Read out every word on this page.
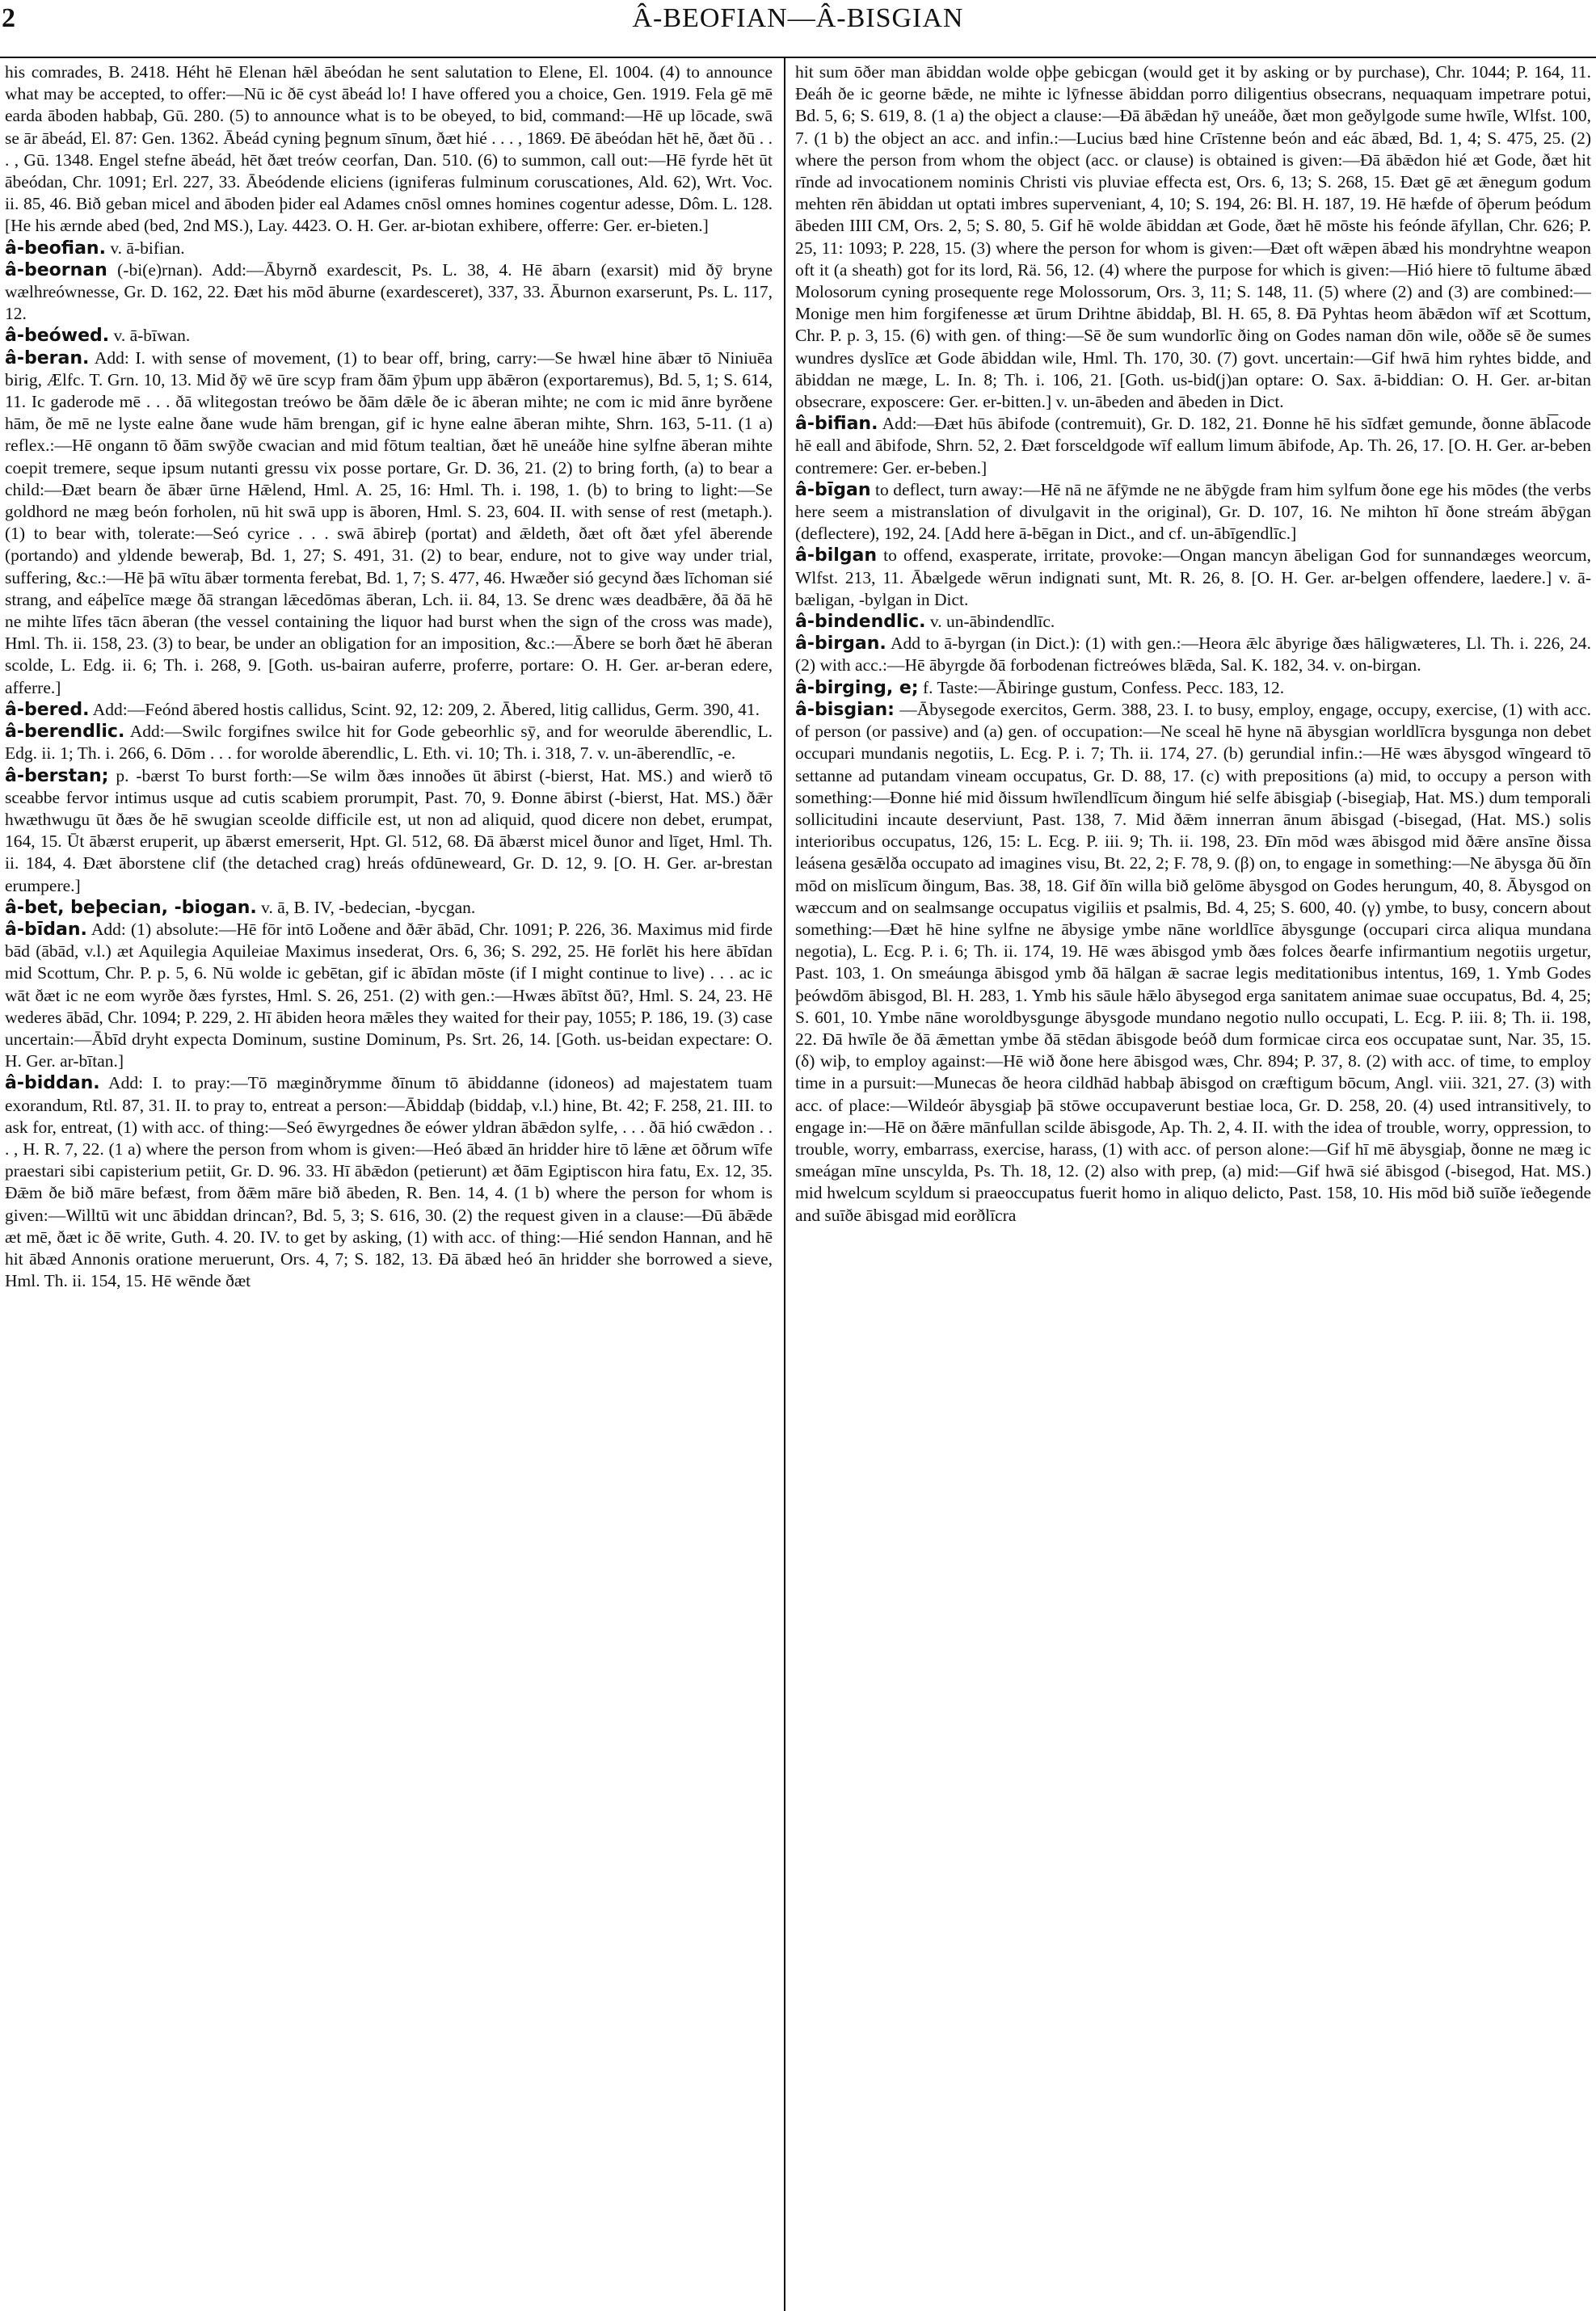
2	Â-BEOFIAN—Â-BISGIAN

his comrades, B. 2418. Héht hē Elenan hǣl ābeódan he sent salutation to Elene, El. 1004. (4) to announce what may be accepted, to offer:—Nū ic ðē cyst ābeád lo! I have offered you a choice, Gen. 1919. Fela gē mē earda āboden habbaþ, Gū. 280. (5) to announce what is to be obeyed, to bid, command:—Hē up lōcade, swā se ār ābeád, El. 87: Gen. 1362. Ābeád cyning þegnum sīnum, ðæt hié . . . , 1869. Ðē ābeódan hēt hē, ðæt ðū . . . , Gū. 1348. Engel stefne ābeád, hēt ðæt treów ceorfan, Dan. 510. (6) to summon, call out:—Hē fyrde hēt ūt ābeódan, Chr. 1091; Erl. 227, 33. Ābeódende eliciens (igniferas fulminum coruscationes, Ald. 62), Wrt. Voc. ii. 85, 46. Bið geban micel and āboden þider eal Adames cnōsl omnes homines cogentur adesse, Dôm. L. 128. [He his ærnde abed (bed, 2nd MS.), Lay. 4423. O. H. Ger. ar-biotan exhibere, offerre: Ger. er-bieten.]

â-beofian. v. ā-bifian.

â-beornan (-bi(e)rnan). Add:—Ābyrnð exardescit, Ps. L. 38, 4. Hē ābarn (exarsit) mid ðȳ bryne wælhreównesse, Gr. D. 162, 22. Ðæt his mōd āburne (exardesceret), 337, 33. Āburnon exarserunt, Ps. L. 117, 12.

â-beówed. v. ā-bīwan.

â-beran. Add: I. with sense of movement, (1) to bear off, bring, carry:—Se hwæl hine ābær tō Niniuēa birig, Ælfc. T. Grn. 10, 13. Mid ðȳ wē ūre scyp fram ðām ȳþum upp ābǣron (exportaremus), Bd. 5, 1; S. 614, 11. Ic gaderode mē . . . ðā wlitegostan treówo be ðām dǣle ðe ic āberan mihte; ne com ic mid ānre byrðene hām, ðe mē ne lyste ealne ðane wude hām brengan, gif ic hyne ealne āberan mihte, Shrn. 163, 5-11. (1 a) reflex.:—Hē ongann tō ðām swȳðe cwacian and mid fōtum tealtian, ðæt hē uneáðe hine sylfne āberan mihte coepit tremere, seque ipsum nutanti gressu vix posse portare, Gr. D. 36, 21. (2) to bring forth, (a) to bear a child:—Ðæt bearn ðe ābær ūrne Hǣlend, Hml. A. 25, 16: Hml. Th. i. 198, 1. (b) to bring to light:—Se goldhord ne mæg beón forholen, nū hit swā upp is āboren, Hml. S. 23, 604. II. with sense of rest (metaph.). (1) to bear with, tolerate:—Seó cyrice . . . swā ābireþ (portat) and ǣldeth, ðæt oft ðæt yfel āberende (portando) and yldende beweraþ, Bd. 1, 27; S. 491, 31. (2) to bear, endure, not to give way under trial, suffering, &c.:—Hē þā wītu ābær tormenta ferebat, Bd. 1, 7; S. 477, 46. Hwæðer sió gecynd ðæs līchoman sié strang, and eáþelīce mæge ðā strangan lǣcedōmas āberan, Lch. ii. 84, 13. Se drenc wæs deadbǣre, ðā ðā hē ne mihte līfes tācn āberan (the vessel containing the liquor had burst when the sign of the cross was made), Hml. Th. ii. 158, 23. (3) to bear, be under an obligation for an imposition, &c.:—Ābere se borh ðæt hē āberan scolde, L. Edg. ii. 6; Th. i. 268, 9. [Goth. us-bairan auferre, proferre, portare: O. H. Ger. ar-beran edere, afferre.]

â-bered. Add:—Feónd ābered hostis callidus, Scint. 92, 12: 209, 2. Ābered, litig callidus, Germ. 390, 41.

â-berendlic. Add:—Swilc forgifnes swilce hit for Gode gebeorhlic sȳ, and for weorulde āberendlic, L. Edg. ii. 1; Th. i. 266, 6. Dōm . . . for worolde āberendlic, L. Eth. vi. 10; Th. i. 318, 7. v. un-āberendlīc, -e.

â-berstan; p. -bærst To burst forth:—Se wilm ðæs innoðes ūt ābirst (-bierst, Hat. MS.) and wierð tō sceabbe fervor intimus usque ad cutis scabiem prorumpit, Past. 70, 9. Ðonne ābirst (-bierst, Hat. MS.) ðǣr hwæthwugu ūt ðæs ðe hē swugian sceolde difficile est, ut non ad aliquid, quod dicere non debet, erumpat, 164, 15. Ūt ābærst eruperit, up ābærst emerserit, Hpt. Gl. 512, 68. Ðā ābærst micel ðunor and līget, Hml. Th. ii. 184, 4. Ðæt āborstene clif (the detached crag) hreás ofdūneweard, Gr. D. 12, 9. [O. H. Ger. ar-brestan erumpere.]

â-bet, beþecian, -biogan. v. ā, B. IV, -bedecian, -bycgan.

â-bīdan. Add: (1) absolute:—Hē fōr intō Loðene and ðǣr ābād, Chr. 1091; P. 226, 36. Maximus mid firde bād (ābād, v.l.) æt Aquilegia Aquileiae Maximus insederat, Ors. 6, 36; S. 292, 25. Hē forlēt his here ābīdan mid Scottum, Chr. P. p. 5, 6. Nū wolde ic gebētan, gif ic ābīdan mōste (if I might continue to live) . . . ac ic wāt ðæt ic ne eom wyrðe ðæs fyrstes, Hml. S. 26, 251. (2) with gen.:—Hwæs ābītst ðū?, Hml. S. 24, 23. Hē wederes ābād, Chr. 1094; P. 229, 2. Hī ābiden heora mǣles they waited for their pay, 1055; P. 186, 19. (3) case uncertain:—Ābīd dryht expecta Dominum, sustine Dominum, Ps. Srt. 26, 14. [Goth. us-beidan expectare: O. H. Ger. ar-bītan.]

â-biddan. Add: I. to pray:—Tō mæginðrymme ðīnum tō ābiddanne (idoneos) ad majestatem tuam exorandum, Rtl. 87, 31. II. to pray to, entreat a person:—Ābiddaþ (biddaþ, v.l.) hine, Bt. 42; F. 258, 21. III. to ask for, entreat, (1) with acc. of thing:—Seó ēwyrgednes ðe eówer yldran ābǣdon sylfe, . . . ðā hió cwǣdon . . . , H. R. 7, 22. (1 a) where the person from whom is given:—Heó ābæd ān hridder hire tō lǣne æt ōðrum wīfe praestari sibi capisterium petiit, Gr. D. 96. 33. Hī ābǣdon (petierunt) æt ðām Egiptiscon hira fatu, Ex. 12, 35. Ðǣm ðe bið māre befæst, from ðǣm māre bið ābeden, R. Ben. 14, 4. (1 b) where the person for whom is given:—Willtū wit unc ābiddan drincan?, Bd. 5, 3; S. 616, 30. (2) the request given in a clause:—Ðū ābǣde æt mē, ðæt ic ðē write, Guth. 4. 20. IV. to get by asking, (1) with acc. of thing:—Hié sendon Hannan, and hē hit ābæd Annonis oratione meruerunt, Ors. 4, 7; S. 182, 13. Ðā ābæd heó ān hridder she borrowed a sieve, Hml. Th. ii. 154, 15. Hē wēnde ðæt

hit sum ōðer man ābiddan wolde oþþe gebicgan (would get it by asking or by purchase), Chr. 1044; P. 164, 11. Ðeáh ðe ic georne bǣde, ne mihte ic lȳfnesse ābiddan porro diligentius obsecrans, nequaquam impetrare potui, Bd. 5, 6; S. 619, 8. (1 a) the object a clause:—Ðā ābǣdan hȳ uneáðe, ðæt mon geðylgode sume hwīle, Wlfst. 100, 7. (1 b) the object an acc. and infin.:—Lucius bæd hine Crīstenne beón and eác ābæd, Bd. 1, 4; S. 475, 25. (2) where the person from whom the object (acc. or clause) is obtained is given:—Ðā ābǣdon hié æt Gode, ðæt hit rīnde ad invocationem nominis Christi vis pluviae effecta est, Ors. 6, 13; S. 268, 15. Ðæt gē æt ǣnegum godum mehten rēn ābiddan ut optati imbres superveniant, 4, 10; S. 194, 26: Bl. H. 187, 19. Hē hæfde of ōþerum þeódum ābeden IIII CM, Ors. 2, 5; S. 80, 5. Gif hē wolde ābiddan æt Gode, ðæt hē mōste his feónde āfyllan, Chr. 626; P. 25, 11: 1093; P. 228, 15. (3) where the person for whom is given:—Ðæt oft wǣpen ābæd his mondryhtne weapon oft it (a sheath) got for its lord, Rä. 56, 12. (4) where the purpose for which is given:—Hió hiere tō fultume ābæd Molosorum cyning prosequente rege Molossorum, Ors. 3, 11; S. 148, 11. (5) where (2) and (3) are combined:—Monige men him forgifenesse æt ūrum Drihtne ābiddaþ, Bl. H. 65, 8. Ðā Pyhtas heom ābǣdon wīf æt Scottum, Chr. P. p. 3, 15. (6) with gen. of thing:—Sē ðe sum wundorlīc ðing on Godes naman dōn wile, oððe sē ðe sumes wundres dyslīce æt Gode ābiddan wile, Hml. Th. 170, 30. (7) govt. uncertain:—Gif hwā him ryhtes bidde, and ābiddan ne mæge, L. In. 8; Th. i. 106, 21. [Goth. us-bid(j)an optare: O. Sax. ā-biddian: O. H. Ger. ar-bitan obsecrare, exposcere: Ger. er-bitten.] v. un-ābeden and ābeden in Dict.

â-bifian. Add:—Ðæt hūs ābifode (contremuit), Gr. D. 182, 21. Ðonne hē his sīdfæt gemunde, ðonne ābl͞acode hē eall and ābifode, Shrn. 52, 2. Ðæt forsceldgode wīf eallum limum ābifode, Ap. Th. 26, 17. [O. H. Ger. ar-beben contremere: Ger. er-beben.]

â-bīgan to deflect, turn away:—Hē nā ne āfȳmde ne ne ābȳgde fram him sylfum ðone ege his mōdes (the verbs here seem a mistranslation of divulgavit in the original), Gr. D. 107, 16. Ne mihton hī ðone streám ābȳgan (deflectere), 192, 24. [Add here ā-bēgan in Dict., and cf. un-ābīgendlīc.]

â-bilgan to offend, exasperate, irritate, provoke:—Ongan mancyn ābeligan God for sunnandæges weorcum, Wlfst. 213, 11. Ābælgede wērun indignati sunt, Mt. R. 26, 8. [O. H. Ger. ar-belgen offendere, laedere.] v. ā-bæligan, -bylgan in Dict.

â-bindendlic. v. un-ābindendlīc.

â-birgan. Add to ā-byrgan (in Dict.): (1) with gen.:—Heora ǣlc ābyrige ðæs hāligwæteres, Ll. Th. i. 226, 24. (2) with acc.:—Hē ābyrgde ðā forbodenan fictreówes blǣda, Sal. K. 182, 34. v. on-birgan.

â-birging, e; f. Taste:—Ābiringe gustum, Confess. Pecc. 183, 12.

â-bisgian: —Ābysegode exercitos, Germ. 388, 23. I. to busy, employ, engage, occupy, exercise, (1) with acc. of person (or passive) and (a) gen. of occupation:—Ne sceal hē hyne nā ābysgian worldlīcra bysgunga non debet occupari mundanis negotiis, L. Ecg. P. i. 7; Th. ii. 174, 27. (b) gerundial infin.:—Hē wæs ābysgod wīngeard tō settanne ad putandam vineam occupatus, Gr. D. 88, 17. (c) with prepositions (a) mid, to occupy a person with something:—Ðonne hié mid ðissum hwīlendlīcum ðingum hié selfe ābisgiaþ (-bisegiaþ, Hat. MS.) dum temporali sollicitudini incaute deserviunt, Past. 138, 7. Mid ðǣm innerran ānum ābisgad (-bisegad, (Hat. MS.) solis interioribus occupatus, 126, 15: L. Ecg. P. iii. 9; Th. ii. 198, 23. Ðīn mōd wæs ābisgod mid ðǣre ansīne ðissa leásena gesǣlða occupato ad imagines visu, Bt. 22, 2; F. 78, 9. (β) on, to engage in something:—Ne ābysga ðū ðīn mōd on mislīcum ðingum, Bas. 38, 18. Gif ðīn willa bið gelōme ābysgod on Godes herungum, 40, 8. Ābysgod on wæccum and on sealmsange occupatus vigiliis et psalmis, Bd. 4, 25; S. 600, 40. (γ) ymbe, to busy, concern about something:—Ðæt hē hine sylfne ne ābysige ymbe nāne worldlīce ābysgunge (occupari circa aliqua mundana negotia), L. Ecg. P. i. 6; Th. ii. 174, 19. Hē wæs ābisgod ymb ðæs folces ðearfe infirmantium negotiis urgetur, Past. 103, 1. On smeáunga ābisgod ymb ðā hālgan ǣ sacrae legis meditationibus intentus, 169, 1. Ymb Godes þeówdōm ābisgod, Bl. H. 283, 1. Ymb his sāule hǣlo ābysegod erga sanitatem animae suae occupatus, Bd. 4, 25; S. 601, 10. Ymbe nāne woroldbysgunge ābysgode mundano negotio nullo occupati, L. Ecg. P. iii. 8; Th. ii. 198, 22. Ðā hwīle ðe ðā ǣmettan ymbe ðā stēdan ābisgode beóð dum formicae circa eos occupatae sunt, Nar. 35, 15. (δ) wiþ, to employ against:—Hē wið ðone here ābisgod wæs, Chr. 894; P. 37, 8. (2) with acc. of time, to employ time in a pursuit:—Munecas ðe heora cildhād habbaþ ābisgod on cræftigum bōcum, Angl. viii. 321, 27. (3) with acc. of place:—Wildeór ābysgiaþ þā stōwe occupaverunt bestiae loca, Gr. D. 258, 20. (4) used intransitively, to engage in:—Hē on ðǣre mānfullan scilde ābisgode, Ap. Th. 2, 4. II. with the idea of trouble, worry, oppression, to trouble, worry, embarrass, exercise, harass, (1) with acc. of person alone:—Gif hī mē ābysgiaþ, ðonne ne mæg ic smeágan mīne unscylda, Ps. Th. 18, 12. (2) also with prep, (a) mid:—Gif hwā sié ābisgod (-bisegod, Hat. MS.) mid hwelcum scyldum si praeoccupatus fuerit homo in aliquo delicto, Past. 158, 10. His mōd bið suīðe ïeðegende and suīðe ābisgad mid eorðlīcra
